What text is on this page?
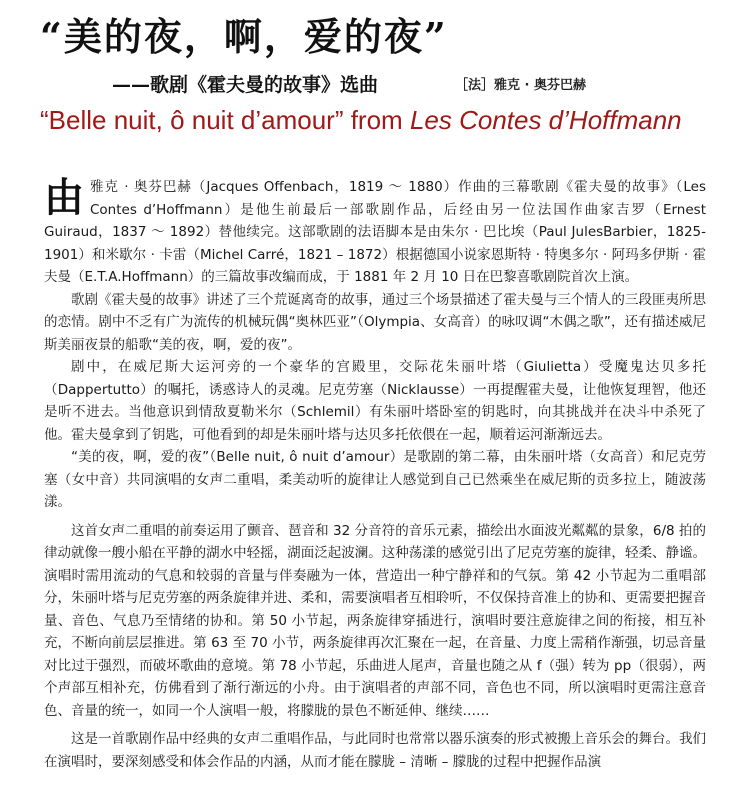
“美的夜，啊，爱的夜”
——歌剧《霍夫曼的故事》选曲	［法］雅克 · 奥芬巴赫
“Belle nuit, ô nuit d’amour” from Les Contes d’Hoffmann

由雅克 · 奥芬巴赫（Jacques Offenbach，1819 ～ 1880）作曲的三幕歌剧《霍夫曼的故事》（Les Contes d’Hoffmann）是他生前最后一部歌剧作品，后经由另一位法国作曲家吉罗（Ernest Guiraud，1837 ～ 1892）替他续完。这部歌剧的法语脚本是由朱尔 · 巴比埃（Paul JulesBarbier，1825-1901）和米歇尔 · 卡雷（Michel Carré，1821 – 1872）根据德国小说家恩斯特 · 特奥多尔 · 阿玛多伊斯 · 霍夫曼（E.T.A.Hoffmann）的三篇故事改编而成，于 1881 年 2 月 10 日在巴黎喜歌剧院首次上演。

歌剧《霍夫曼的故事》讲述了三个荒诞离奇的故事，通过三个场景描述了霍夫曼与三个情人的三段匪夷所思的恋情。剧中不乏有广为流传的机械玩偶“奥林匹亚”（Olympia、女高音）的咏叹调“木偶之歌”，还有描述威尼斯美丽夜景的船歌“美的夜，啊，爱的夜”。

剧中，在威尼斯大运河旁的一个豪华的宫殿里，交际花朱丽叶塔（Giulietta）受魔鬼达贝多托（Dappertutto）的嘱托，诱惑诗人的灵魂。尼克劳塞（Nicklausse）一再提醒霍夫曼，让他恢复理智，他还是听不进去。当他意识到情敌夏勒米尔（Schlemil）有朱丽叶塔卧室的钥匙时，向其挑战并在决斗中杀死了他。霍夫曼拿到了钥匙，可他看到的却是朱丽叶塔与达贝多托依偎在一起，顺着运河渐渐远去。

“美的夜，啊，爱的夜”（Belle nuit, ô nuit d’amour）是歌剧的第二幕，由朱丽叶塔（女高音）和尼克劳塞（女中音）共同演唱的女声二重唱，柔美动听的旋律让人感觉到自己已然乘坐在威尼斯的贡多拉上，随波荡漾。

这首女声二重唱的前奏运用了颤音、琶音和 32 分音符的音乐元素，描绘出水面波光粼粼的景象，6/8 拍的律动就像一艘小船在平静的湖水中轻摇，湖面泛起波澜。这种荡漾的感觉引出了尼克劳塞的旋律，轻柔、静谧。演唱时需用流动的气息和较弱的音量与伴奏融为一体，营造出一种宁静祥和的气氛。第 42 小节起为二重唱部分，朱丽叶塔与尼克劳塞的两条旋律并进、柔和，需要演唱者互相聆听，不仅保持音准上的协和、更需要把握音量、音色、气息乃至情绪的协和。第 50 小节起，两条旋律穿插进行，演唱时要注意旋律之间的衔接，相互补充，不断向前层层推进。第 63 至 70 小节，两条旋律再次汇聚在一起，在音量、力度上需稍作渐强，切忌音量对比过于强烈，而破坏歌曲的意境。第 78 小节起，乐曲进人尾声，音量也随之从 f（强）转为 pp（很弱），两个声部互相补充，仿佛看到了渐行渐远的小舟。由于演唱者的声部不同，音色也不同，所以演唱时更需注意音色、音量的统一，如同一个人演唱一般，将朦胧的景色不断延伸、继续……

这是一首歌剧作品中经典的女声二重唱作品，与此同时也常常以器乐演奏的形式被搬上音乐会的舞台。我们在演唱时，要深刻感受和体会作品的内涵，从而才能在朦胧 – 清晰 – 朦胧的过程中把握作品演
